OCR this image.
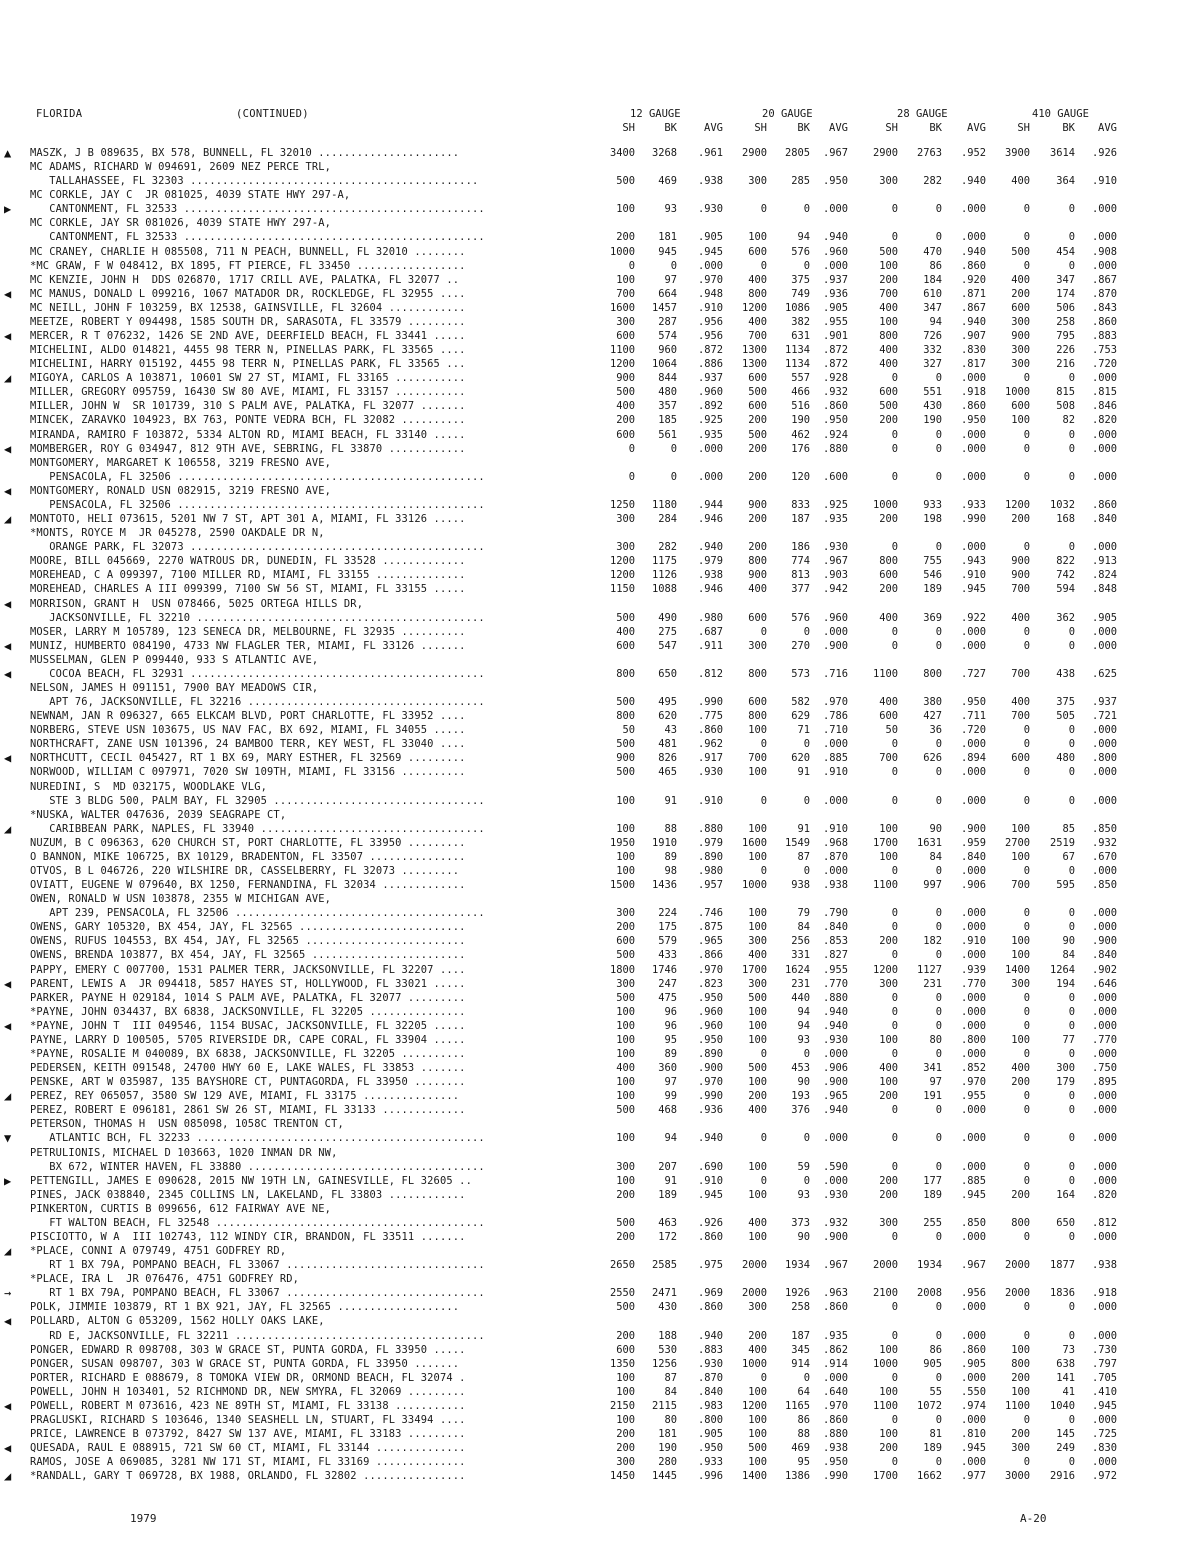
FLORIDA	(CONTINUED)	12 GAUGE	20 GAUGE	28 GAUGE	410 GAUGE
SH	BK	AVG	SH	BK	AVG	SH	BK	AVG	SH	BK	AVG
▲	MASZK, J B 089635, BX 578, BUNNELL, FL 32010 ......................	3400	3268	.961	2900	2805	.967	2900	2763	.952	3900	3614	.926
MC ADAMS, RICHARD W 094691, 2609 NEZ PERCE TRL,
TALLAHASSEE, FL 32303 .............................................	500	469	.938	300	285	.950	300	282	.940	400	364	.910
MC CORKLE, JAY C  JR 081025, 4039 STATE HWY 297-A,
▶	CANTONMENT, FL 32533 ...............................................	100	93	.930	0	0	.000	0	0	.000	0	0	.000
MC CORKLE, JAY SR 081026, 4039 STATE HWY 297-A,
CANTONMENT, FL 32533 ...............................................	200	181	.905	100	94	.940	0	0	.000	0	0	.000
MC CRANEY, CHARLIE H 085508, 711 N PEACH, BUNNELL, FL 32010 ........	1000	945	.945	600	576	.960	500	470	.940	500	454	.908
*MC GRAW, F W 048412, BX 1895, FT PIERCE, FL 33450 .................	0	0	.000	0	0	.000	100	86	.860	0	0	.000
MC KENZIE, JOHN H  DDS 026870, 1717 CRILL AVE, PALATKA, FL 32077 ..	100	97	.970	400	375	.937	200	184	.920	400	347	.867
◀	MC MANUS, DONALD L 099216, 1067 MATADOR DR, ROCKLEDGE, FL 32955 ....	700	664	.948	800	749	.936	700	610	.871	200	174	.870
MC NEILL, JOHN F 103259, BX 12538, GAINSVILLE, FL 32604 ............	1600	1457	.910	1200	1086	.905	400	347	.867	600	506	.843
MEETZE, ROBERT Y 094498, 1585 SOUTH DR, SARASOTA, FL 33579 .........	300	287	.956	400	382	.955	100	94	.940	300	258	.860
◀	MERCER, R T 076232, 1426 SE 2ND AVE, DEERFIELD BEACH, FL 33441 .....	600	574	.956	700	631	.901	800	726	.907	900	795	.883
MICHELINI, ALDO 014821, 4455 98 TERR N, PINELLAS PARK, FL 33565 ....	1100	960	.872	1300	1134	.872	400	332	.830	300	226	.753
MICHELINI, HARRY 015192, 4455 98 TERR N, PINELLAS PARK, FL 33565 ...	1200	1064	.886	1300	1134	.872	400	327	.817	300	216	.720
◢	MIGOYA, CARLOS A 103871, 10601 SW 27 ST, MIAMI, FL 33165 ...........	900	844	.937	600	557	.928	0	0	.000	0	0	.000
MILLER, GREGORY 095759, 16430 SW 80 AVE, MIAMI, FL 33157 ...........	500	480	.960	500	466	.932	600	551	.918	1000	815	.815
MILLER, JOHN W  SR 101739, 310 S PALM AVE, PALATKA, FL 32077 .......	400	357	.892	600	516	.860	500	430	.860	600	508	.846
MINCEK, ZARAVKO 104923, BX 763, PONTE VEDRA BCH, FL 32082 ..........	200	185	.925	200	190	.950	200	190	.950	100	82	.820
MIRANDA, RAMIRO F 103872, 5334 ALTON RD, MIAMI BEACH, FL 33140 .....	600	561	.935	500	462	.924	0	0	.000	0	0	.000
◀	MOMBERGER, ROY G 034947, 812 9TH AVE, SEBRING, FL 33870 ............	0	0	.000	200	176	.880	0	0	.000	0	0	.000
MONTGOMERY, MARGARET K 106558, 3219 FRESNO AVE,
PENSACOLA, FL 32506 ................................................	0	0	.000	200	120	.600	0	0	.000	0	0	.000
◀	MONTGOMERY, RONALD USN 082915, 3219 FRESNO AVE,
PENSACOLA, FL 32506 ................................................	1250	1180	.944	900	833	.925	1000	933	.933	1200	1032	.860
◢	MONTOTO, HELI 073615, 5201 NW 7 ST, APT 301 A, MIAMI, FL 33126 .....	300	284	.946	200	187	.935	200	198	.990	200	168	.840
*MONTS, ROYCE M  JR 045278, 2590 OAKDALE DR N,
ORANGE PARK, FL 32073 ..............................................	300	282	.940	200	186	.930	0	0	.000	0	0	.000
MOORE, BILL 045669, 2270 WATROUS DR, DUNEDIN, FL 33528 .............	1200	1175	.979	800	774	.967	800	755	.943	900	822	.913
MOREHEAD, C A 099397, 7100 MILLER RD, MIAMI, FL 33155 ..............	1200	1126	.938	900	813	.903	600	546	.910	900	742	.824
MOREHEAD, CHARLES A III 099399, 7100 SW 56 ST, MIAMI, FL 33155 .....	1150	1088	.946	400	377	.942	200	189	.945	700	594	.848
◀	MORRISON, GRANT H  USN 078466, 5025 ORTEGA HILLS DR,
JACKSONVILLE, FL 32210 .............................................	500	490	.980	600	576	.960	400	369	.922	400	362	.905
MOSER, LARRY M 105789, 123 SENECA DR, MELBOURNE, FL 32935 ..........	400	275	.687	0	0	.000	0	0	.000	0	0	.000
◀	MUNIZ, HUMBERTO 084190, 4733 NW FLAGLER TER, MIAMI, FL 33126 .......	600	547	.911	300	270	.900	0	0	.000	0	0	.000
MUSSELMAN, GLEN P 099440, 933 S ATLANTIC AVE,
◀	COCOA BEACH, FL 32931 ..............................................	800	650	.812	800	573	.716	1100	800	.727	700	438	.625
NELSON, JAMES H 091151, 7900 BAY MEADOWS CIR,
APT 76, JACKSONVILLE, FL 32216 .....................................	500	495	.990	600	582	.970	400	380	.950	400	375	.937
NEWNAM, JAN R 096327, 665 ELKCAM BLVD, PORT CHARLOTTE, FL 33952 ....	800	620	.775	800	629	.786	600	427	.711	700	505	.721
NORBERG, STEVE USN 103675, US NAV FAC, BX 692, MIAMI, FL 34055 .....	50	43	.860	100	71	.710	50	36	.720	0	0	.000
NORTHCRAFT, ZANE USN 101396, 24 BAMBOO TERR, KEY WEST, FL 33040 ....	500	481	.962	0	0	.000	0	0	.000	0	0	.000
◀	NORTHCUTT, CECIL 045427, RT 1 BX 69, MARY ESTHER, FL 32569 .........	900	826	.917	700	620	.885	700	626	.894	600	480	.800
NORWOOD, WILLIAM C 097971, 7020 SW 109TH, MIAMI, FL 33156 ..........	500	465	.930	100	91	.910	0	0	.000	0	0	.000
NUREDINI, S  MD 032175, WOODLAKE VLG,
STE 3 BLDG 500, PALM BAY, FL 32905 .................................	100	91	.910	0	0	.000	0	0	.000	0	0	.000
*NUSKA, WALTER 047636, 2039 SEAGRAPE CT,
◢	CARIBBEAN PARK, NAPLES, FL 33940 ...................................	100	88	.880	100	91	.910	100	90	.900	100	85	.850
NUZUM, B C 096363, 620 CHURCH ST, PORT CHARLOTTE, FL 33950 .........	1950	1910	.979	1600	1549	.968	1700	1631	.959	2700	2519	.932
O BANNON, MIKE 106725, BX 10129, BRADENTON, FL 33507 ...............	100	89	.890	100	87	.870	100	84	.840	100	67	.670
OTVOS, B L 046726, 220 WILSHIRE DR, CASSELBERRY, FL 32073 .........	100	98	.980	0	0	.000	0	0	.000	0	0	.000
OVIATT, EUGENE W 079640, BX 1250, FERNANDINA, FL 32034 .............	1500	1436	.957	1000	938	.938	1100	997	.906	700	595	.850
OWEN, RONALD W USN 103878, 2355 W MICHIGAN AVE,
APT 239, PENSACOLA, FL 32506 .......................................	300	224	.746	100	79	.790	0	0	.000	0	0	.000
OWENS, GARY 105320, BX 454, JAY, FL 32565 ..........................	200	175	.875	100	84	.840	0	0	.000	0	0	.000
OWENS, RUFUS 104553, BX 454, JAY, FL 32565 .........................	600	579	.965	300	256	.853	200	182	.910	100	90	.900
OWENS, BRENDA 103877, BX 454, JAY, FL 32565 ........................	500	433	.866	400	331	.827	0	0	.000	100	84	.840
PAPPY, EMERY C 007700, 1531 PALMER TERR, JACKSONVILLE, FL 32207 ....	1800	1746	.970	1700	1624	.955	1200	1127	.939	1400	1264	.902
◀	PARENT, LEWIS A  JR 094418, 5857 HAYES ST, HOLLYWOOD, FL 33021 .....	300	247	.823	300	231	.770	300	231	.770	300	194	.646
PARKER, PAYNE H 029184, 1014 S PALM AVE, PALATKA, FL 32077 .........	500	475	.950	500	440	.880	0	0	.000	0	0	.000
*PAYNE, JOHN 034437, BX 6838, JACKSONVILLE, FL 32205 ...............	100	96	.960	100	94	.940	0	0	.000	0	0	.000
◀	*PAYNE, JOHN T  III 049546, 1154 BUSAC, JACKSONVILLE, FL 32205 .....	100	96	.960	100	94	.940	0	0	.000	0	0	.000
PAYNE, LARRY D 100505, 5705 RIVERSIDE DR, CAPE CORAL, FL 33904 .....	100	95	.950	100	93	.930	100	80	.800	100	77	.770
*PAYNE, ROSALIE M 040089, BX 6838, JACKSONVILLE, FL 32205 ..........	100	89	.890	0	0	.000	0	0	.000	0	0	.000
PEDERSEN, KEITH 091548, 24700 HWY 60 E, LAKE WALES, FL 33853 .......	400	360	.900	500	453	.906	400	341	.852	400	300	.750
PENSKE, ART W 035987, 135 BAYSHORE CT, PUNTAGORDA, FL 33950 ........	100	97	.970	100	90	.900	100	97	.970	200	179	.895
◢	PEREZ, REY 065057, 3580 SW 129 AVE, MIAMI, FL 33175 ...............	100	99	.990	200	193	.965	200	191	.955	0	0	.000
PEREZ, ROBERT E 096181, 2861 SW 26 ST, MIAMI, FL 33133 .............	500	468	.936	400	376	.940	0	0	.000	0	0	.000
PETERSON, THOMAS H  USN 085098, 1058C TRENTON CT,
▼	ATLANTIC BCH, FL 32233 .............................................	100	94	.940	0	0	.000	0	0	.000	0	0	.000
PETRULIONIS, MICHAEL D 103663, 1020 INMAN DR NW,
BX 672, WINTER HAVEN, FL 33880 .....................................	300	207	.690	100	59	.590	0	0	.000	0	0	.000
▶	PETTENGILL, JAMES E 090628, 2015 NW 19TH LN, GAINESVILLE, FL 32605 ..	100	91	.910	0	0	.000	200	177	.885	0	0	.000
PINES, JACK 038840, 2345 COLLINS LN, LAKELAND, FL 33803 ............	200	189	.945	100	93	.930	200	189	.945	200	164	.820
PINKERTON, CURTIS B 099656, 612 FAIRWAY AVE NE,
FT WALTON BEACH, FL 32548 ..........................................	500	463	.926	400	373	.932	300	255	.850	800	650	.812
PISCIOTTO, W A  III 102743, 112 WINDY CIR, BRANDON, FL 33511 .......	200	172	.860	100	90	.900	0	0	.000	0	0	.000
◢	*PLACE, CONNI A 079749, 4751 GODFREY RD,
RT 1 BX 79A, POMPANO BEACH, FL 33067 ...............................	2650	2585	.975	2000	1934	.967	2000	1934	.967	2000	1877	.938
*PLACE, IRA L  JR 076476, 4751 GODFREY RD,
→	RT 1 BX 79A, POMPANO BEACH, FL 33067 ...............................	2550	2471	.969	2000	1926	.963	2100	2008	.956	2000	1836	.918
POLK, JIMMIE 103879, RT 1 BX 921, JAY, FL 32565 ...................	500	430	.860	300	258	.860	0	0	.000	0	0	.000
◀	POLLARD, ALTON G 053209, 1562 HOLLY OAKS LAKE,
RD E, JACKSONVILLE, FL 32211 .......................................	200	188	.940	200	187	.935	0	0	.000	0	0	.000
PONGER, EDWARD R 098708, 303 W GRACE ST, PUNTA GORDA, FL 33950 .....	600	530	.883	400	345	.862	100	86	.860	100	73	.730
PONGER, SUSAN 098707, 303 W GRACE ST, PUNTA GORDA, FL 33950 .......	1350	1256	.930	1000	914	.914	1000	905	.905	800	638	.797
PORTER, RICHARD E 088679, 8 TOMOKA VIEW DR, ORMOND BEACH, FL 32074 .	100	87	.870	0	0	.000	0	0	.000	200	141	.705
POWELL, JOHN H 103401, 52 RICHMOND DR, NEW SMYRA, FL 32069 .........	100	84	.840	100	64	.640	100	55	.550	100	41	.410
◀	POWELL, ROBERT M 073616, 423 NE 89TH ST, MIAMI, FL 33138 ...........	2150	2115	.983	1200	1165	.970	1100	1072	.974	1100	1040	.945
PRAGLUSKI, RICHARD S 103646, 1340 SEASHELL LN, STUART, FL 33494 ....	100	80	.800	100	86	.860	0	0	.000	0	0	.000
PRICE, LAWRENCE B 073792, 8427 SW 137 AVE, MIAMI, FL 33183 .........	200	181	.905	100	88	.880	100	81	.810	200	145	.725
◀	QUESADA, RAUL E 088915, 721 SW 60 CT, MIAMI, FL 33144 ..............	200	190	.950	500	469	.938	200	189	.945	300	249	.830
RAMOS, JOSE A 069085, 3281 NW 171 ST, MIAMI, FL 33169 ..............	300	280	.933	100	95	.950	0	0	.000	0	0	.000
◢	*RANDALL, GARY T 069728, BX 1988, ORLANDO, FL 32802 ................	1450	1445	.996	1400	1386	.990	1700	1662	.977	3000	2916	.972
1979	A-20
